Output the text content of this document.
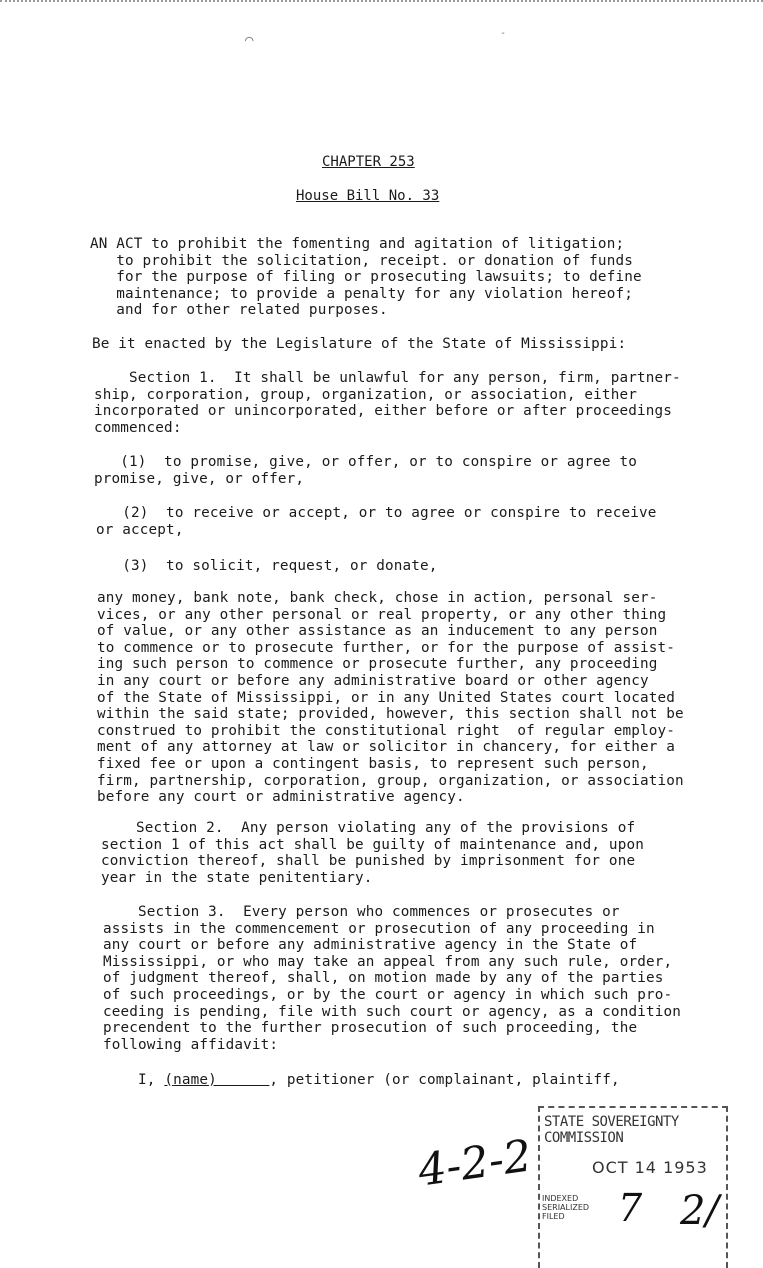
⌒	-
CHAPTER 253
House Bill No. 33
AN ACT to prohibit the fomenting and agitation of litigation;
to prohibit the solicitation, receipt. or donation of funds
for the purpose of filing or prosecuting lawsuits; to define
maintenance; to provide a penalty for any violation hereof;
and for other related purposes.
Be it enacted by the Legislature of the State of Mississippi:
Section 1.  It shall be unlawful for any person, firm, partner-
ship, corporation, group, organization, or association, either
incorporated or unincorporated, either before or after proceedings
commenced:
(1)  to promise, give, or offer, or to conspire or agree to
promise, give, or offer,
(2)  to receive or accept, or to agree or conspire to receive
or accept,
(3)  to solicit, request, or donate,
any money, bank note, bank check, chose in action, personal ser-
vices, or any other personal or real property, or any other thing
of value, or any other assistance as an inducement to any person
to commence or to prosecute further, or for the purpose of assist-
ing such person to commence or prosecute further, any proceeding
in any court or before any administrative board or other agency
of the State of Mississippi, or in any United States court located
within the said state; provided, however, this section shall not be
construed to prohibit the constitutional right  of regular employ-
ment of any attorney at law or solicitor in chancery, for either a
fixed fee or upon a contingent basis, to represent such person,
firm, partnership, corporation, group, organization, or association
before any court or administrative agency.
Section 2.  Any person violating any of the provisions of
section 1 of this act shall be guilty of maintenance and, upon
conviction thereof, shall be punished by imprisonment for one
year in the state penitentiary.
Section 3.  Every person who commences or prosecutes or
assists in the commencement or prosecution of any proceeding in
any court or before any administrative agency in the State of
Mississippi, or who may take an appeal from any such rule, order,
of judgment thereof, shall, on motion made by any of the parties
of such proceedings, or by the court or agency in which such pro-
ceeding is pending, file with such court or agency, as a condition
precendent to the further prosecution of such proceeding, the
following affidavit:
I, (name)      , petitioner (or complainant, plaintiff,
4-2-2
STATE SOVEREIGNTY COMMISSION
OCT 14 1953
INDEXED
SERIALIZED
FILED	7 2/
